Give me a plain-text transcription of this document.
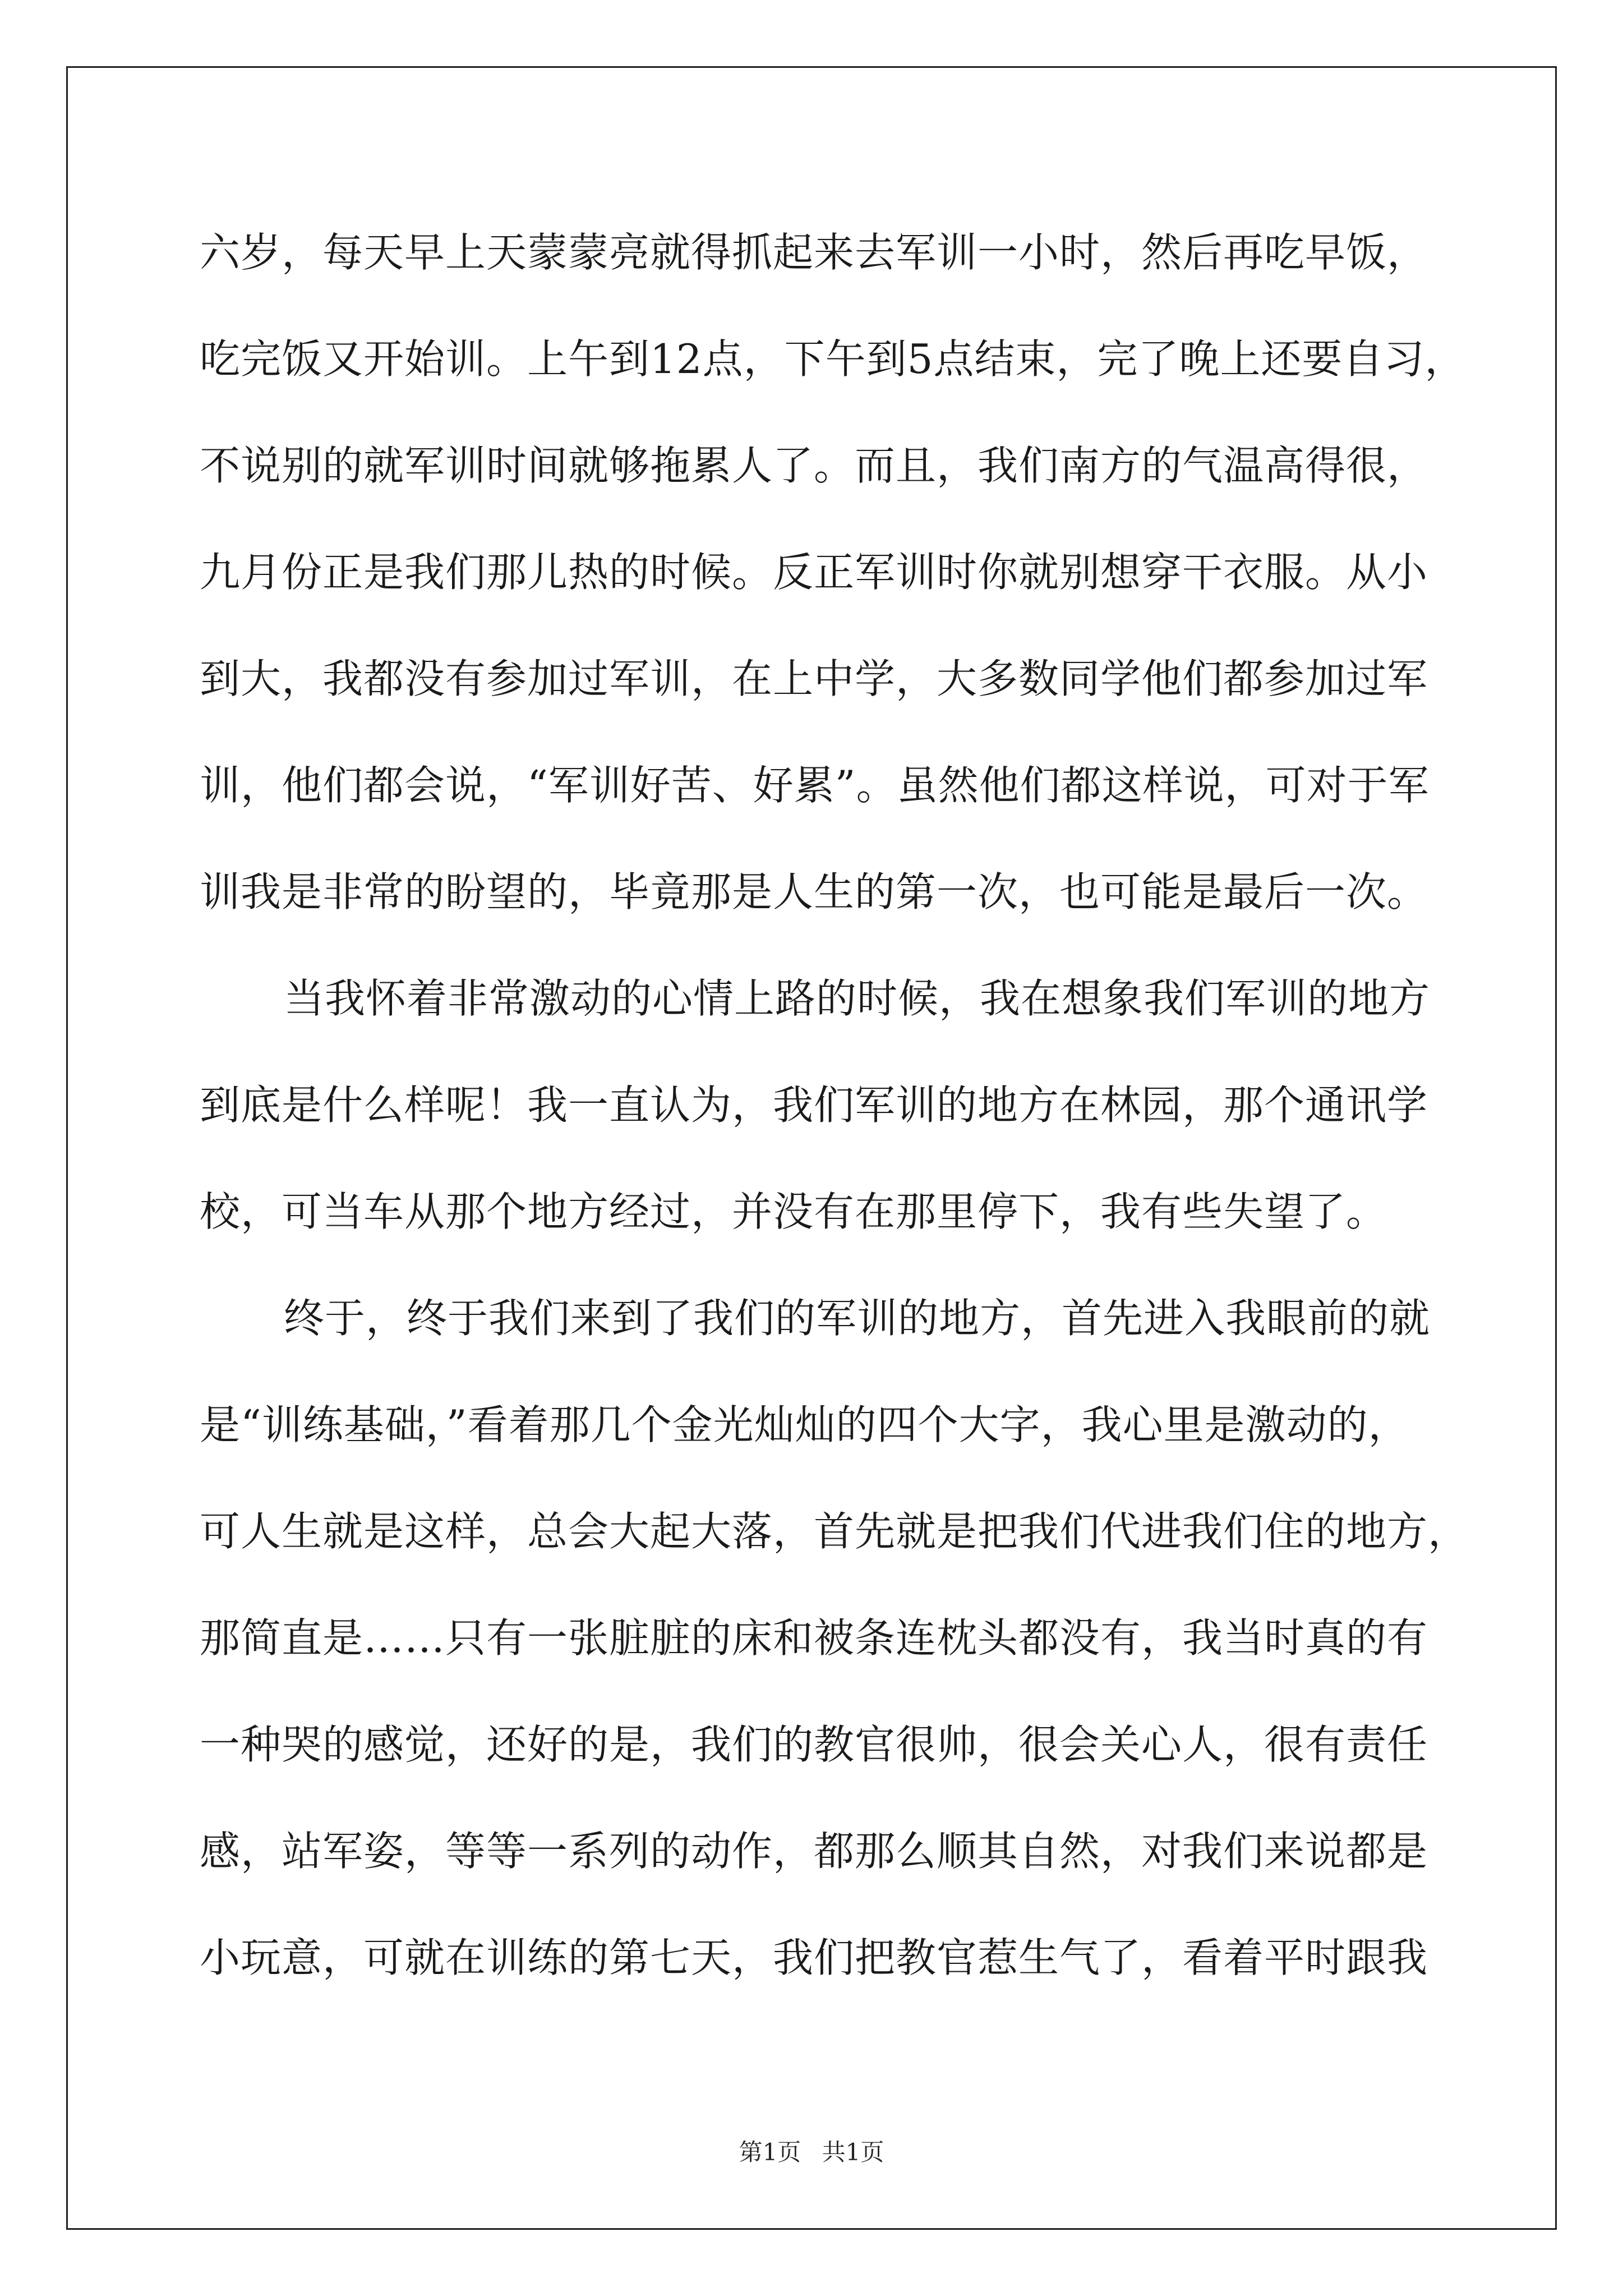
六岁，每天早上天蒙蒙亮就得抓起来去军训一小时，然后再吃早饭，
吃完饭又开始训。上午到12点，下午到5点结束，完了晚上还要自习，
不说别的就军训时间就够拖累人了。而且，我们南方的气温高得很，
九月份正是我们那儿热的时候。反正军训时你就别想穿干衣服。从小
到大，我都没有参加过军训，在上中学，大多数同学他们都参加过军
训，他们都会说，“军训好苦、好累”。虽然他们都这样说，可对于军
训我是非常的盼望的，毕竟那是人生的第一次，也可能是最后一次。
当我怀着非常激动的心情上路的时候，我在想象我们军训的地方
到底是什么样呢！我一直认为，我们军训的地方在林园，那个通讯学
校，可当车从那个地方经过，并没有在那里停下，我有些失望了。
终于，终于我们来到了我们的军训的地方，首先进入我眼前的就
是“训练基础，”看着那几个金光灿灿的四个大字，我心里是激动的，
可人生就是这样，总会大起大落，首先就是把我们代进我们住的地方，
那简直是……只有一张脏脏的床和被条连枕头都没有，我当时真的有
一种哭的感觉，还好的是，我们的教官很帅，很会关心人，很有责任
感，站军姿，等等一系列的动作，都那么顺其自然，对我们来说都是
小玩意，可就在训练的第七天，我们把教官惹生气了，看着平时跟我
第1页 共1页
